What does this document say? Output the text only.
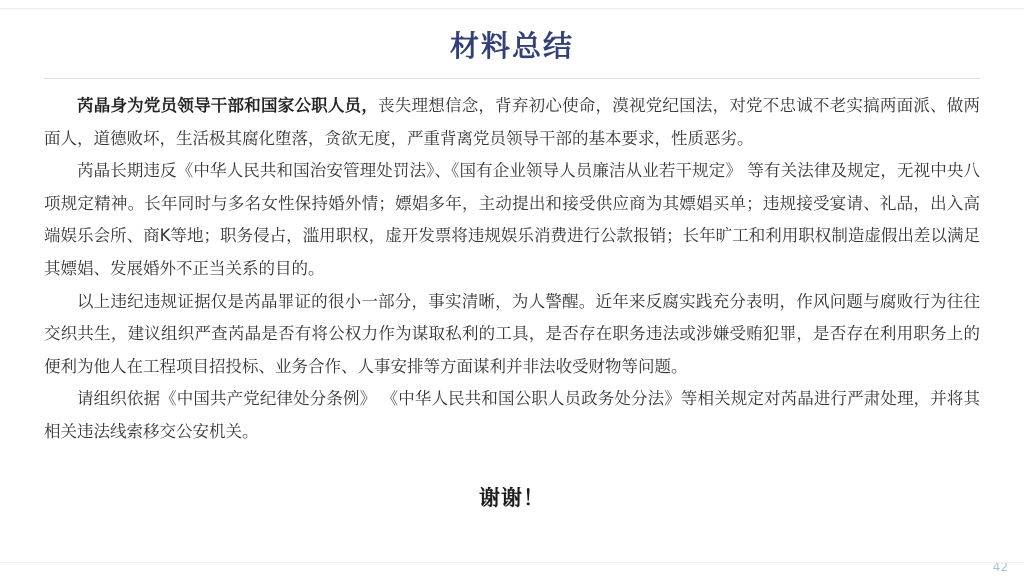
材料总结

芮晶身为党员领导干部和国家公职人员，丧失理想信念，背弃初心使命，漠视党纪国法，对党不忠诚不老实搞两面派、做两面人，道德败坏，生活极其腐化堕落，贪欲无度，严重背离党员领导干部的基本要求，性质恶劣。

芮晶长期违反《中华人民共和国治安管理处罚法》、《国有企业领导人员廉洁从业若干规定》 等有关法律及规定，无视中央八项规定精神。长年同时与多名女性保持婚外情；嫖娼多年，主动提出和接受供应商为其嫖娼买单；违规接受宴请、礼品，出入高端娱乐会所、商K等地；职务侵占，滥用职权，虚开发票将违规娱乐消费进行公款报销；长年旷工和利用职权制造虚假出差以满足其嫖娼、发展婚外不正当关系的目的。

以上违纪违规证据仅是芮晶罪证的很小一部分，事实清晰，为人警醒。近年来反腐实践充分表明，作风问题与腐败行为往往交织共生，建议组织严查芮晶是否有将公权力作为谋取私利的工具，是否存在职务违法或涉嫌受贿犯罪，是否存在利用职务上的便利为他人在工程项目招投标、业务合作、人事安排等方面谋利并非法收受财物等问题。

请组织依据《中国共产党纪律处分条例》 《中华人民共和国公职人员政务处分法》等相关规定对芮晶进行严肃处理，并将其相关违法线索移交公安机关。

谢谢！
42
